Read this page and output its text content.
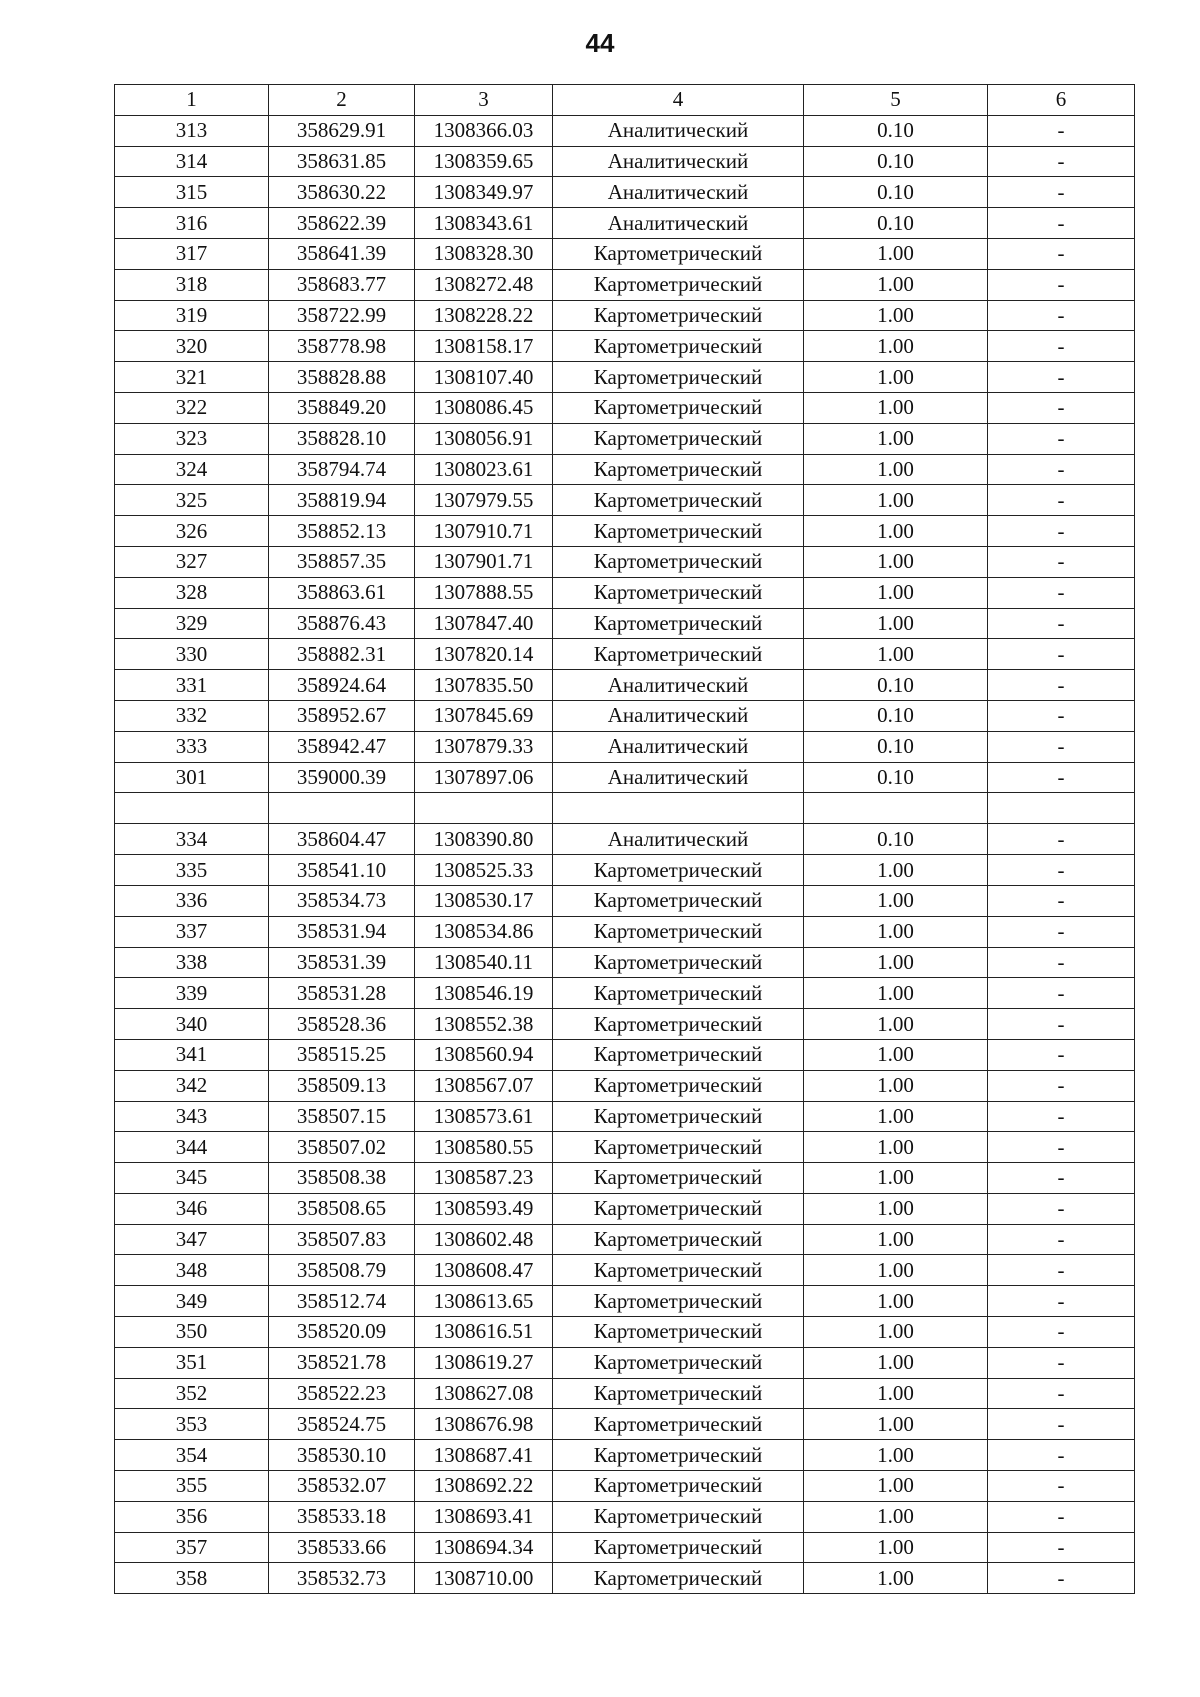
44
1	2	3	4	5	6
313	358629.91	1308366.03	Аналитический	0.10	-
314	358631.85	1308359.65	Аналитический	0.10	-
315	358630.22	1308349.97	Аналитический	0.10	-
316	358622.39	1308343.61	Аналитический	0.10	-
317	358641.39	1308328.30	Картометрический	1.00	-
318	358683.77	1308272.48	Картометрический	1.00	-
319	358722.99	1308228.22	Картометрический	1.00	-
320	358778.98	1308158.17	Картометрический	1.00	-
321	358828.88	1308107.40	Картометрический	1.00	-
322	358849.20	1308086.45	Картометрический	1.00	-
323	358828.10	1308056.91	Картометрический	1.00	-
324	358794.74	1308023.61	Картометрический	1.00	-
325	358819.94	1307979.55	Картометрический	1.00	-
326	358852.13	1307910.71	Картометрический	1.00	-
327	358857.35	1307901.71	Картометрический	1.00	-
328	358863.61	1307888.55	Картометрический	1.00	-
329	358876.43	1307847.40	Картометрический	1.00	-
330	358882.31	1307820.14	Картометрический	1.00	-
331	358924.64	1307835.50	Аналитический	0.10	-
332	358952.67	1307845.69	Аналитический	0.10	-
333	358942.47	1307879.33	Аналитический	0.10	-
301	359000.39	1307897.06	Аналитический	0.10	-

334	358604.47	1308390.80	Аналитический	0.10	-
335	358541.10	1308525.33	Картометрический	1.00	-
336	358534.73	1308530.17	Картометрический	1.00	-
337	358531.94	1308534.86	Картометрический	1.00	-
338	358531.39	1308540.11	Картометрический	1.00	-
339	358531.28	1308546.19	Картометрический	1.00	-
340	358528.36	1308552.38	Картометрический	1.00	-
341	358515.25	1308560.94	Картометрический	1.00	-
342	358509.13	1308567.07	Картометрический	1.00	-
343	358507.15	1308573.61	Картометрический	1.00	-
344	358507.02	1308580.55	Картометрический	1.00	-
345	358508.38	1308587.23	Картометрический	1.00	-
346	358508.65	1308593.49	Картометрический	1.00	-
347	358507.83	1308602.48	Картометрический	1.00	-
348	358508.79	1308608.47	Картометрический	1.00	-
349	358512.74	1308613.65	Картометрический	1.00	-
350	358520.09	1308616.51	Картометрический	1.00	-
351	358521.78	1308619.27	Картометрический	1.00	-
352	358522.23	1308627.08	Картометрический	1.00	-
353	358524.75	1308676.98	Картометрический	1.00	-
354	358530.10	1308687.41	Картометрический	1.00	-
355	358532.07	1308692.22	Картометрический	1.00	-
356	358533.18	1308693.41	Картометрический	1.00	-
357	358533.66	1308694.34	Картометрический	1.00	-
358	358532.73	1308710.00	Картометрический	1.00	-
